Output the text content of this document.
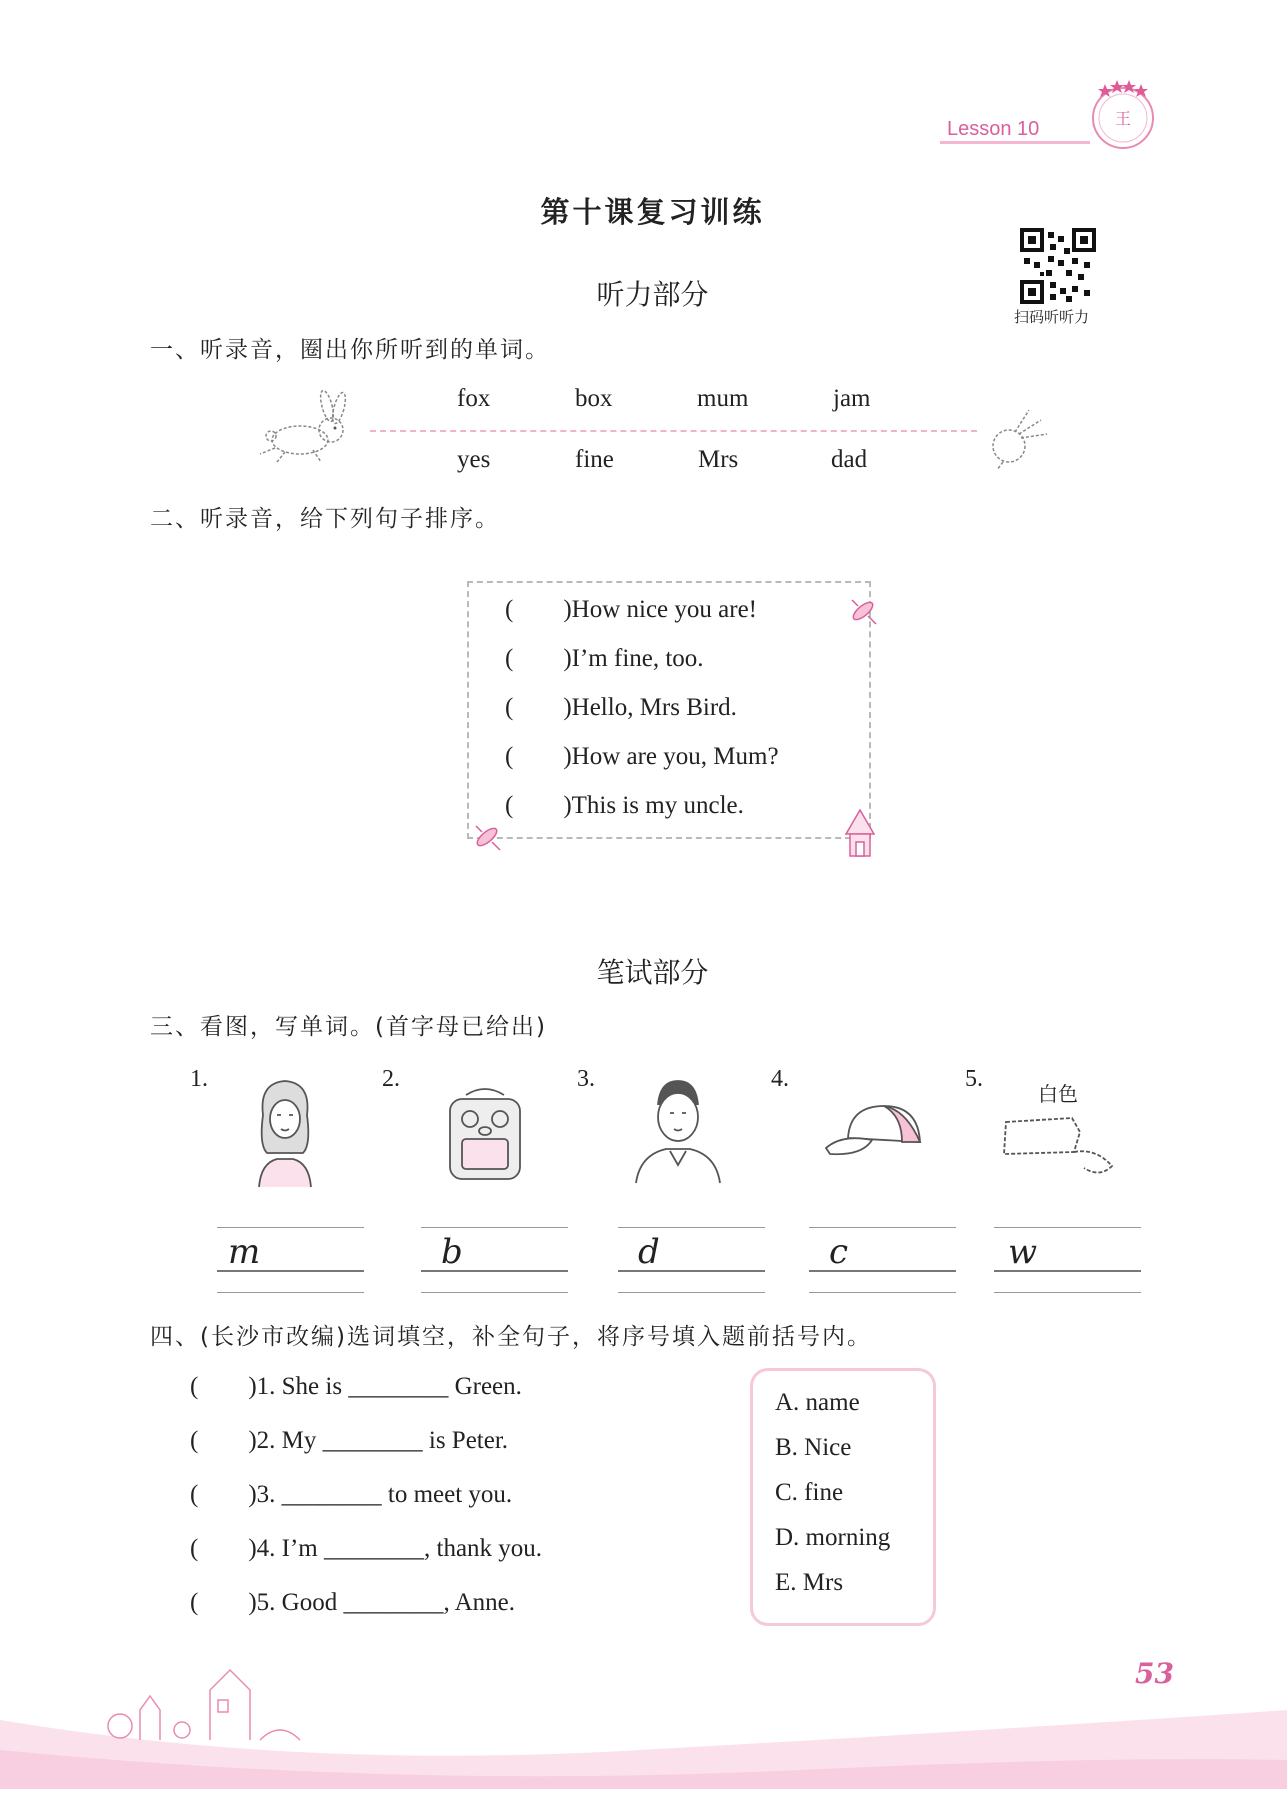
王
Lesson 10
第十课复习训练
扫码听听力
听力部分
一、听录音，圈出你所听到的单词。
fox	box	mum	jam
yes	fine	Mrs	dad
二、听录音，给下列句子排序。
(        )How nice you are!
(        )I’m fine, too.
(        )Hello, Mrs Bird.
(        )How are you, Mum?
(        )This is my uncle.
笔试部分
三、看图，写单词。(首字母已给出)
1.	2.	3.	4.	5.
白色
m	b	d	c	w
四、(长沙市改编)选词填空，补全句子，将序号填入题前括号内。
(        )1. She is ________ Green.
(        )2. My ________ is Peter.
(        )3. ________ to meet you.
(        )4. I’m ________, thank you.
(        )5. Good ________, Anne.
A. name
B. Nice
C. fine
D. morning
E. Mrs
53
